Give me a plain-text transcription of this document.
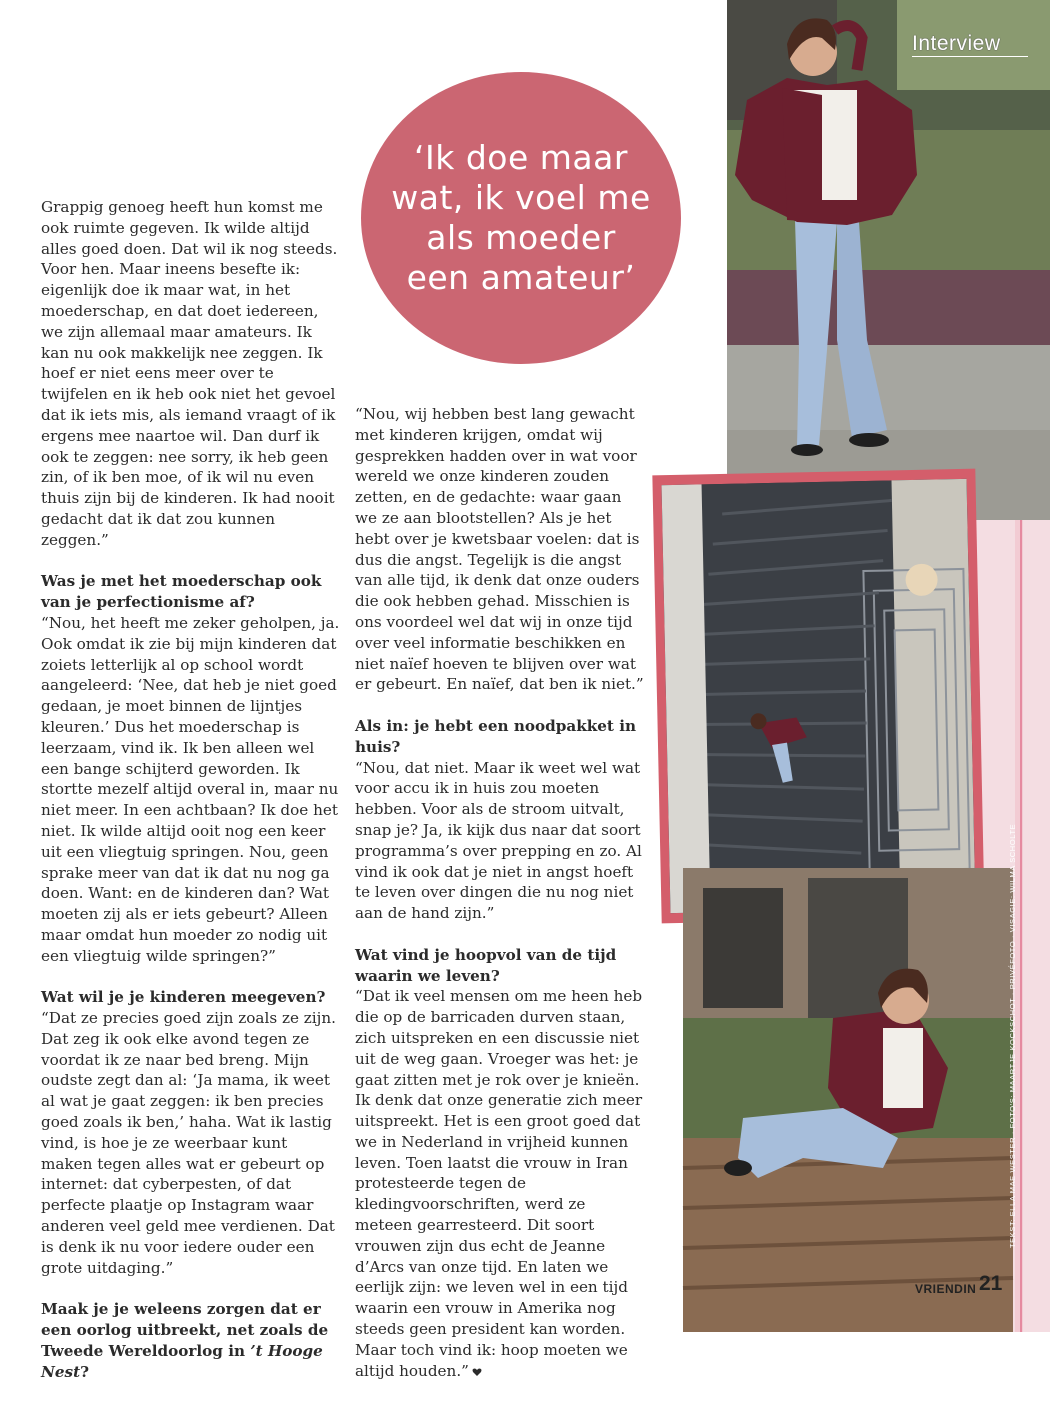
Interview
‘Ik doe maar wat, ik voel me als moeder een amateur’

Grappig genoeg heeft hun komst me ook ruimte gegeven. Ik wilde altijd alles goed doen. Dat wil ik nog steeds. Voor hen. Maar ineens besefte ik: eigenlijk doe ik maar wat, in het moederschap, en dat doet iedereen, we zijn allemaal maar amateurs. Ik kan nu ook makkelijk nee zeggen. Ik hoef er niet eens meer over te twijfelen en ik heb ook niet het gevoel dat ik iets mis, als iemand vraagt of ik ergens mee naartoe wil. Dan durf ik ook te zeggen: nee sorry, ik heb geen zin, of ik ben moe, of ik wil nu even thuis zijn bij de kinderen. Ik had nooit gedacht dat ik dat zou kunnen zeggen.”

Was je met het moederschap ook van je perfectionisme af?

“Nou, het heeft me zeker geholpen, ja. Ook omdat ik zie bij mijn kinderen dat zoiets letterlijk al op school wordt aangeleerd: ‘Nee, dat heb je niet goed gedaan, je moet binnen de lijntjes kleuren.’ Dus het moederschap is leerzaam, vind ik. Ik ben alleen wel een bange schijterd geworden. Ik stortte mezelf altijd overal in, maar nu niet meer. In een achtbaan? Ik doe het niet. Ik wilde altijd ooit nog een keer uit een vliegtuig springen. Nou, geen sprake meer van dat ik dat nu nog ga doen. Want: en de kinderen dan? Wat moeten zij als er iets gebeurt? Alleen maar omdat hun moeder zo nodig uit een vliegtuig wilde springen?”

Wat wil je je kinderen meegeven?

“Dat ze precies goed zijn zoals ze zijn. Dat zeg ik ook elke avond tegen ze voordat ik ze naar bed breng. Mijn oudste zegt dan al: ‘Ja mama, ik weet al wat je gaat zeggen: ik ben precies goed zoals ik ben,’ haha. Wat ik lastig vind, is hoe je ze weerbaar kunt maken tegen alles wat er gebeurt op internet: dat cyberpesten, of dat perfecte plaatje op Instagram waar anderen veel geld mee verdienen. Dat is denk ik nu voor iedere ouder een grote uitdaging.”

Maak je je weleens zorgen dat er een oorlog uitbreekt, net zoals de Tweede Wereldoorlog in ’t Hooge Nest?

“Nou, wij hebben best lang gewacht met kinderen krijgen, omdat wij gesprekken hadden over in wat voor wereld we onze kinderen zouden zetten, en de gedachte: waar gaan we ze aan blootstellen? Als je het hebt over je kwetsbaar voelen: dat is dus die angst. Tegelijk is die angst van alle tijd, ik denk dat onze ouders die ook hebben gehad. Misschien is ons voordeel wel dat wij in onze tijd over veel informatie beschikken en niet naïef hoeven te blijven over wat er gebeurt. En naïef, dat ben ik niet.”

Als in: je hebt een noodpakket in huis?

“Nou, dat niet. Maar ik weet wel wat voor accu ik in huis zou moeten hebben. Voor als de stroom uitvalt, snap je? Ja, ik kijk dus naar dat soort programma’s over prepping en zo. Al vind ik ook dat je niet in angst hoeft te leven over dingen die nu nog niet aan de hand zijn.”

Wat vind je hoopvol van de tijd waarin we leven?

“Dat ik veel mensen om me heen heb die op de barricaden durven staan, zich uitspreken en een discussie niet uit de weg gaan. Vroeger was het: je gaat zitten met je rok over je knieën. Ik denk dat onze generatie zich meer uitspreekt. Het is een groot goed dat we in Nederland in vrijheid kunnen leven. Toen laatst die vrouw in Iran protesteerde tegen de kledingvoorschriften, werd ze meteen gearresteerd. Dit soort vrouwen zijn dus echt de Jeanne d’Arcs van onze tijd. En laten we eerlijk zijn: we leven wel in een tijd waarin een vrouw in Amerika nog steeds geen president kan worden. Maar toch vind ik: hoop moeten we altijd houden.”

TEKST: ELLA MAE WESTER · FOTO'S: MAARTJE KOCKSCHOT · PRIVÉFOTO · VISAGIE: WILMA SCHOLTE
VRIENDIN 21
